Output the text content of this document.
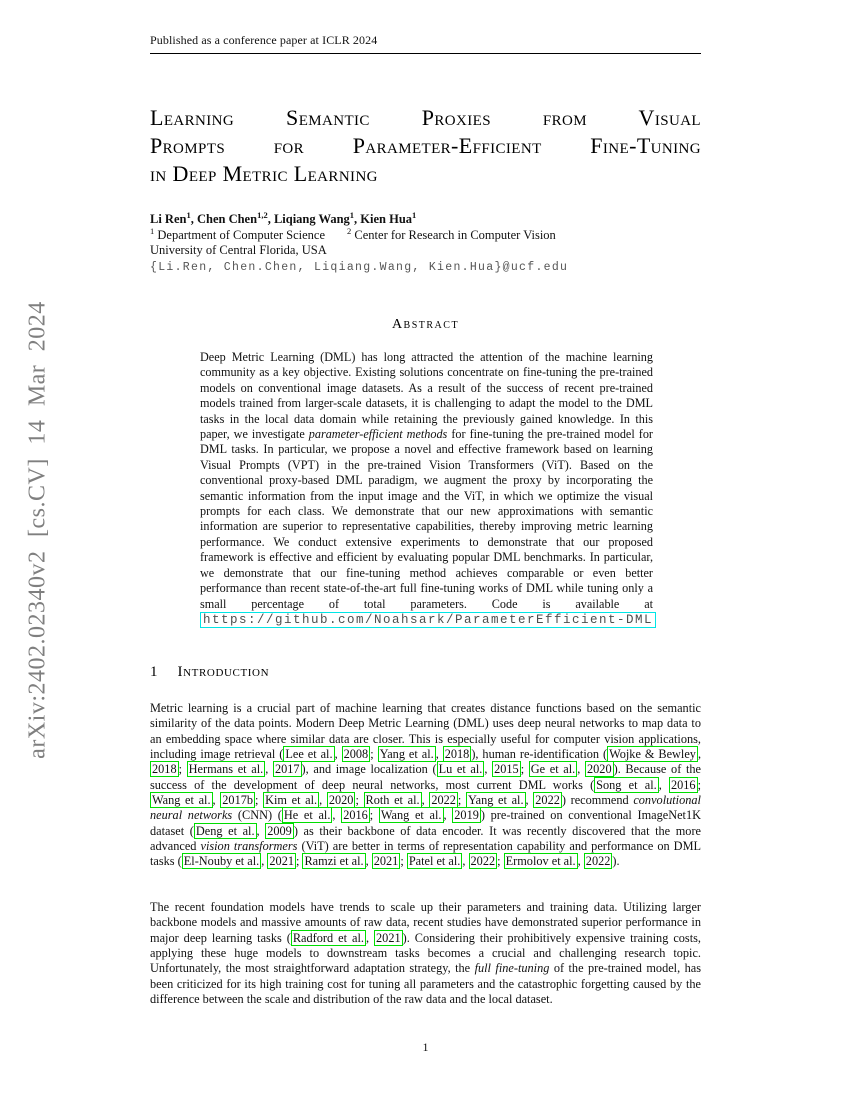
Published as a conference paper at ICLR 2024
arXiv:2402.02340v2 [cs.CV] 14 Mar 2024
Learning Semantic Proxies from Visual
Prompts for Parameter-Efficient Fine-Tuning
in Deep Metric Learning
Li Ren$^1$, Chen Chen$^{1,2}$, Liqiang Wang$^1$, Kien Hua$^1$
$^1$ Department of Computer Science	$^2$ Center for Research in Computer Vision
University of Central Florida, USA
{Li.Ren, Chen.Chen, Liqiang.Wang, Kien.Hua}@ucf.edu
Abstract
Deep Metric Learning (DML) has long attracted the attention of the machine learning community as a key objective. Existing solutions concentrate on fine-tuning the pre-trained models on conventional image datasets. As a result of the success of recent pre-trained models trained from larger-scale datasets, it is challenging to adapt the model to the DML tasks in the local data domain while retaining the previously gained knowledge. In this paper, we investigate parameter-efficient methods for fine-tuning the pre-trained model for DML tasks. In particular, we propose a novel and effective framework based on learning Visual Prompts (VPT) in the pre-trained Vision Transformers (ViT). Based on the conventional proxy-based DML paradigm, we augment the proxy by incorporating the semantic information from the input image and the ViT, in which we optimize the visual prompts for each class. We demonstrate that our new approximations with semantic information are superior to representative capabilities, thereby improving metric learning performance. We conduct extensive experiments to demonstrate that our proposed framework is effective and efficient by evaluating popular DML benchmarks. In particular, we demonstrate that our fine-tuning method achieves comparable or even better performance than recent state-of-the-art full fine-tuning works of DML while tuning only a small percentage of total parameters. Code is available at https://github.com/Noahsark/ParameterEfficient-DML
1 Introduction
Metric learning is a crucial part of machine learning that creates distance functions based on the semantic similarity of the data points. Modern Deep Metric Learning (DML) uses deep neural networks to map data to an embedding space where similar data are closer. This is especially useful for computer vision applications, including image retrieval ( Lee et al. , 2008 ; Yang et al. , 2018 ), human re-identification ( Wojke & Bewley , 2018 ; Hermans et al. , 2017 ), and image localization ( Lu et al. , 2015 ; Ge et al. , 2020 ). Because of the success of the development of deep neural networks, most current DML works ( Song et al. , 2016 ; Wang et al. , 2017b ; Kim et al. , 2020 ; Roth et al. , 2022 ; Yang et al. , 2022 ) recommend convolutional neural networks (CNN) ( He et al. , 2016 ; Wang et al. , 2019 ) pre-trained on conventional ImageNet1K dataset ( Deng et al. , 2009 ) as their backbone of data encoder. It was recently discovered that the more advanced vision transformers (ViT) are better in terms of representation capability and performance on DML tasks ( El-Nouby et al. , 2021 ; Ramzi et al. , 2021 ; Patel et al. , 2022 ; Ermolov et al. , 2022 ).
The recent foundation models have trends to scale up their parameters and training data. Utilizing larger backbone models and massive amounts of raw data, recent studies have demonstrated superior performance in major deep learning tasks ( Radford et al. , 2021 ). Considering their prohibitively expensive training costs, applying these huge models to downstream tasks becomes a crucial and challenging research topic. Unfortunately, the most straightforward adaptation strategy, the full fine-tuning of the pre-trained model, has been criticized for its high training cost for tuning all parameters and the catastrophic forgetting caused by the difference between the scale and distribution of the raw data and the local dataset.
1
